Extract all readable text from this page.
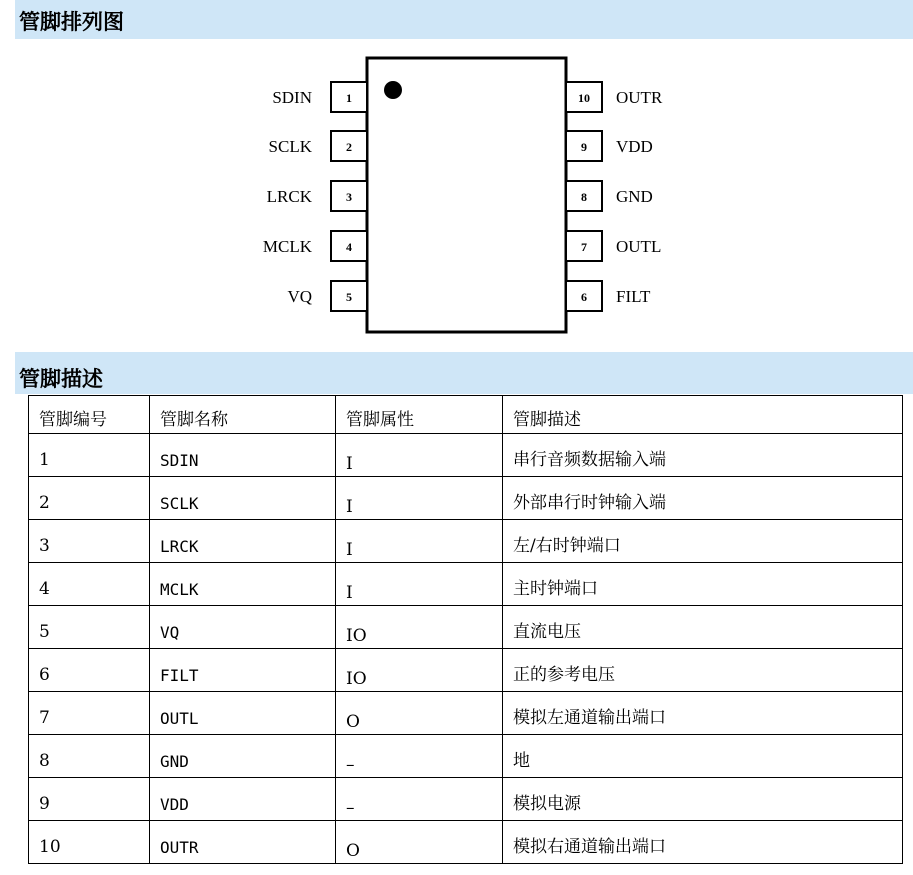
管脚排列图
1
SDIN
2
SCLK
3
LRCK
4
MCLK
5
VQ
10 OUTR
9 VDD
8 GND
7 OUTL
6 FILT
管脚描述
管脚编号	管脚名称	管脚属性	管脚描述
1	SDIN	I	串行音频数据输入端
2	SCLK	I	外部串行时钟输入端
3	LRCK	I	左/右时钟端口
4	MCLK	I	主时钟端口
5	VQ	IO	直流电压
6	FILT	IO	正的参考电压
7	OUTL	O	模拟左通道输出端口
8	GND	–	地
9	VDD	–	模拟电源
10	OUTR	O	模拟右通道输出端口
